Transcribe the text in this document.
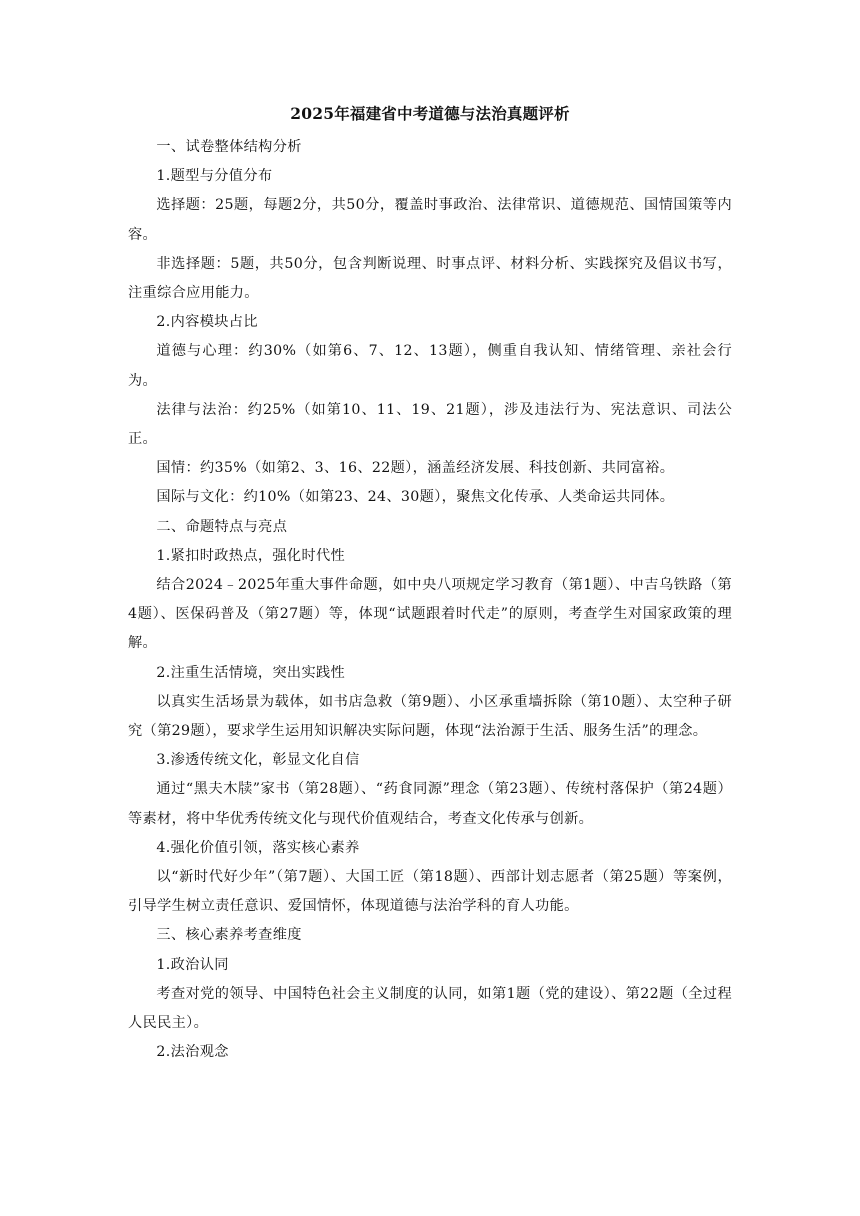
2025年福建省中考道德与法治真题评析

一、试卷整体结构分析

1.题型与分值分布

选择题：25题，每题2分，共50分，覆盖时事政治、法律常识、道德规范、国情国策等内容。

非选择题：5题，共50分，包含判断说理、时事点评、材料分析、实践探究及倡议书写，注重综合应用能力。

2.内容模块占比

道德与心理：约30%（如第6、7、12、13题），侧重自我认知、情绪管理、亲社会行为。

法律与法治：约25%（如第10、11、19、21题），涉及违法行为、宪法意识、司法公正。

国情：约35%（如第2、3、16、22题），涵盖经济发展、科技创新、共同富裕。

国际与文化：约10%（如第23、24、30题），聚焦文化传承、人类命运共同体。

二、命题特点与亮点

1.紧扣时政热点，强化时代性

结合2024﹣2025年重大事件命题，如中央八项规定学习教育（第1题）、中吉乌铁路（第4题）、医保码普及（第27题）等，体现“试题跟着时代走”的原则，考查学生对国家政策的理解。

2.注重生活情境，突出实践性

以真实生活场景为载体，如书店急救（第9题）、小区承重墙拆除（第10题）、太空种子研究（第29题），要求学生运用知识解决实际问题，体现“法治源于生活、服务生活”的理念。

3.渗透传统文化，彰显文化自信

通过“黑夫木牍”家书（第28题）、“药食同源”理念（第23题）、传统村落保护（第24题）等素材，将中华优秀传统文化与现代价值观结合，考查文化传承与创新。

4.强化价值引领，落实核心素养

以“新时代好少年”（第7题）、大国工匠（第18题）、西部计划志愿者（第25题）等案例，引导学生树立责任意识、爱国情怀，体现道德与法治学科的育人功能。

三、核心素养考查维度

1.政治认同

考查对党的领导、中国特色社会主义制度的认同，如第1题（党的建设）、第22题（全过程人民民主）。

2.法治观念
